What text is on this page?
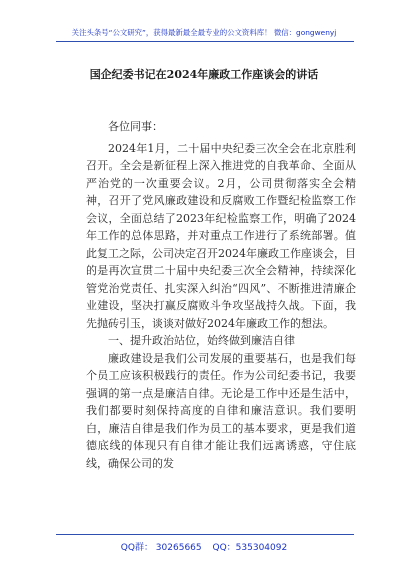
关注头条号“公文研究”，获得最新最全最专业的公文资料库！ 微信：gongwenyj
国企纪委书记在2024年廉政工作座谈会的讲话

各位同事：

2024年1月，二十届中央纪委三次全会在北京胜利召开。全会是新征程上深入推进党的自我革命、全面从严治党的一次重要会议。2月，公司贯彻落实全会精神，召开了党风廉政建设和反腐败工作暨纪检监察工作会议，全面总结了2023年纪检监察工作，明确了2024年工作的总体思路，并对重点工作进行了系统部署。值此复工之际，公司决定召开2024年廉政工作座谈会，目的是再次宣贯二十届中央纪委三次全会精神，持续深化管党治党责任、扎实深入纠治“四风”、不断推进清廉企业建设，坚决打赢反腐败斗争攻坚战持久战。下面，我先抛砖引玉，谈谈对做好2024年廉政工作的想法。

一、提升政治站位，始终做到廉洁自律

廉政建设是我们公司发展的重要基石，也是我们每个员工应该积极践行的责任。作为公司纪委书记，我要强调的第一点是廉洁自律。无论是工作中还是生活中，我们都要时刻保持高度的自律和廉洁意识。我们要明白，廉洁自律是我们作为员工的基本要求，更是我们道德底线的体现只有自律才能让我们远离诱惑，守住底线，确保公司的发

QQ群： 30265665 QQ：535304092
